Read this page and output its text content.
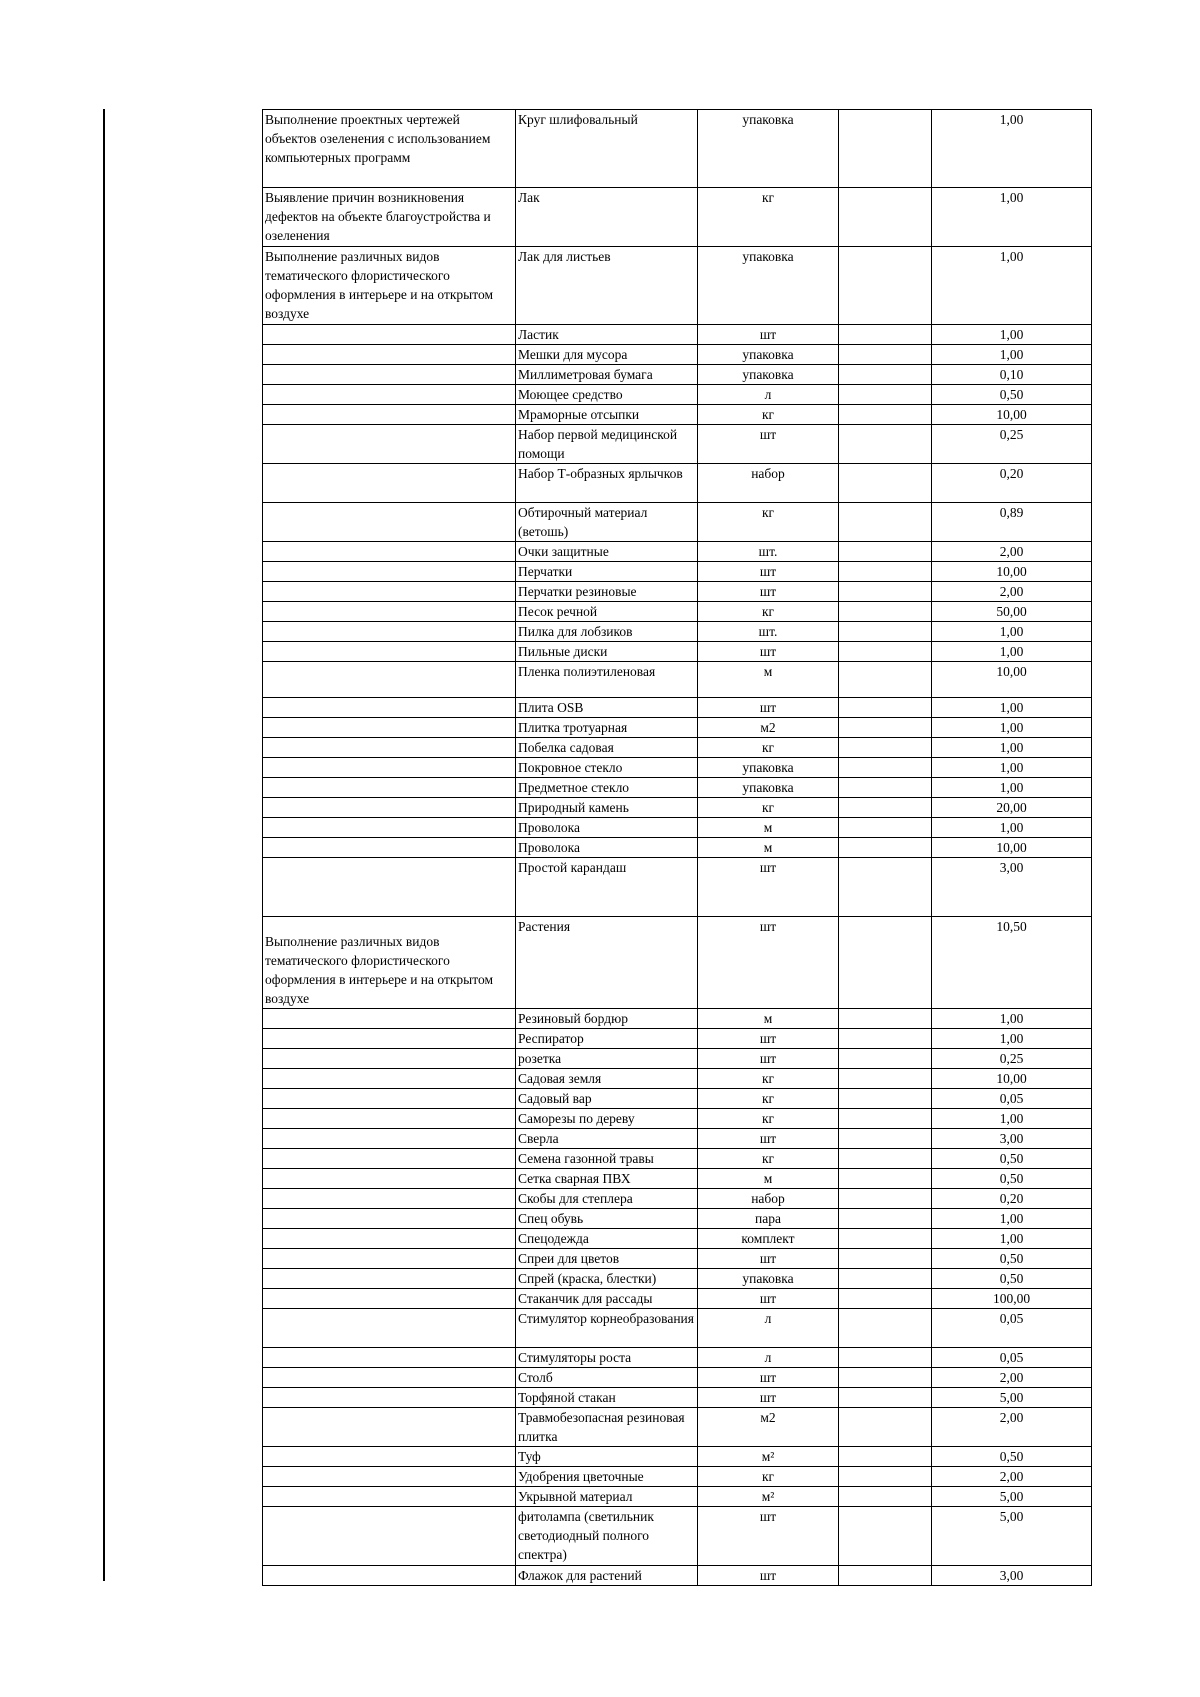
Выполнение проектных чертежей объектов озеленения с использованием компьютерных программ	Круг шлифовальный	упаковка		1,00
Выявление причин возникновения дефектов на объекте благоустройства и озеленения	Лак	кг		1,00
Выполнение различных видов тематического флористического оформления в интерьере и на открытом воздухе	Лак для листьев	упаковка		1,00
	Ластик	шт		1,00
	Мешки для мусора	упаковка		1,00
	Миллиметровая бумага	упаковка		0,10
	Моющее средство	л		0,50
	Мраморные отсыпки	кг		10,00
	Набор первой медицинской помощи	шт		0,25
	Набор Т-образных ярлычков	набор		0,20
	Обтирочный материал (ветошь)	кг		0,89
	Очки защитные	шт.		2,00
	Перчатки	шт		10,00
	Перчатки резиновые	шт		2,00
	Песок речной	кг		50,00
	Пилка для лобзиков	шт.		1,00
	Пильные диски	шт		1,00
	Пленка полиэтиленовая	м		10,00
	Плита OSB	шт		1,00
	Плитка тротуарная	м2		1,00
	Побелка садовая	кг		1,00
	Покровное стекло	упаковка		1,00
	Предметное стекло	упаковка		1,00
	Природный камень	кг		20,00
	Проволока	м		1,00
	Проволока	м		10,00
	Простой карандаш	шт		3,00
Выполнение различных видов тематического флористического оформления в интерьере и на открытом воздухе	Растения	шт		10,50
	Резиновый бордюр	м		1,00
	Респиратор	шт		1,00
	розетка	шт		0,25
	Садовая земля	кг		10,00
	Садовый вар	кг		0,05
	Саморезы по дереву	кг		1,00
	Сверла	шт		3,00
	Семена газонной травы	кг		0,50
	Сетка сварная ПВХ	м		0,50
	Скобы для степлера	набор		0,20
	Спец обувь	пара		1,00
	Спецодежда	комплект		1,00
	Спреи для цветов	шт		0,50
	Спрей (краска, блестки)	упаковка		0,50
	Стаканчик для рассады	шт		100,00
	Стимулятор корнеобразования	л		0,05
	Стимуляторы роста	л		0,05
	Столб	шт		2,00
	Торфяной стакан	шт		5,00
	Травмобезопасная резиновая плитка	м2		2,00
	Туф	м²		0,50
	Удобрения цветочные	кг		2,00
	Укрывной материал	м²		5,00
	фитолампа (светильник светодиодный полного спектра)	шт		5,00
	Флажок для растений	шт		3,00
